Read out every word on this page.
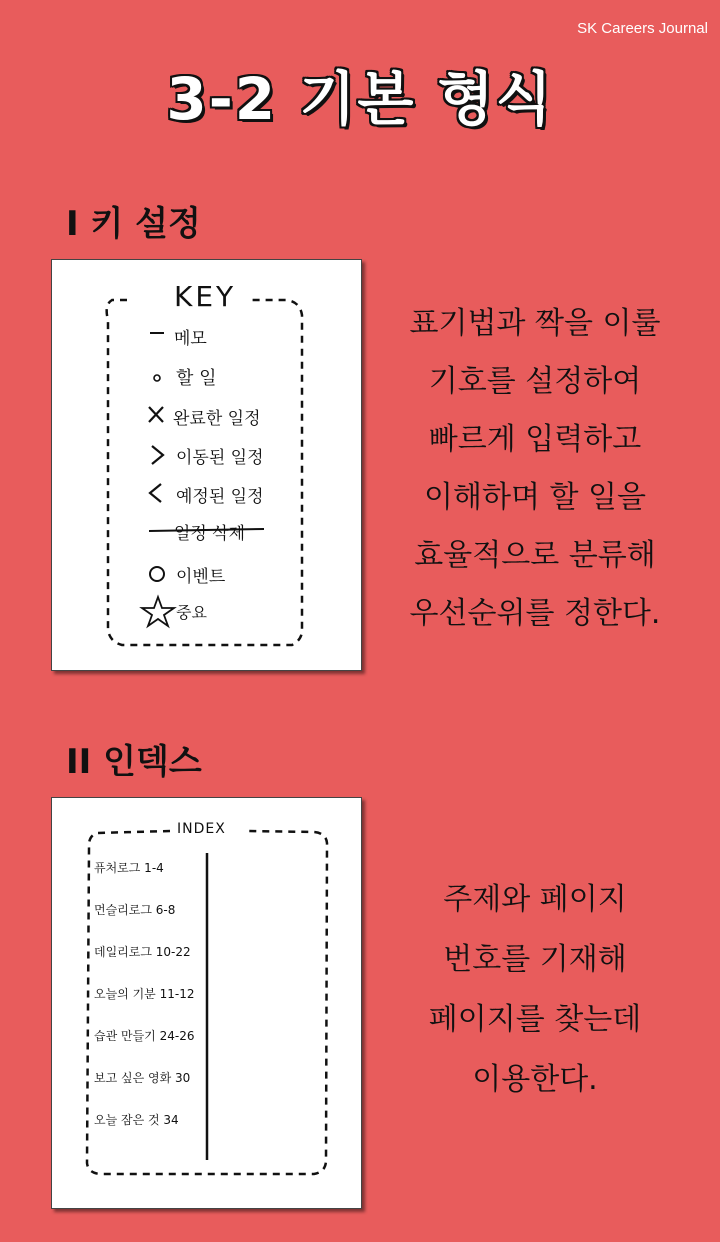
SK Careers Journal
3-2 기본 형식
I 키 설정
KEY
메모
할 일
완료한 일정
이동된 일정
예정된 일정
일정 삭제
이벤트
중요
표기법과 짝을 이룰
기호를 설정하여
빠르게 입력하고
이해하며 할 일을
효율적으로 분류해
우선순위를 정한다.
II 인덱스
INDEX
퓨처로그 1-4
먼슬리로그 6-8
데일리로그 10-22
오늘의 기분 11-12
습관 만들기 24-26
보고 싶은 영화 30
오늘 잠은 것 34
주제와 페이지
번호를 기재해
페이지를 찾는데
이용한다.
